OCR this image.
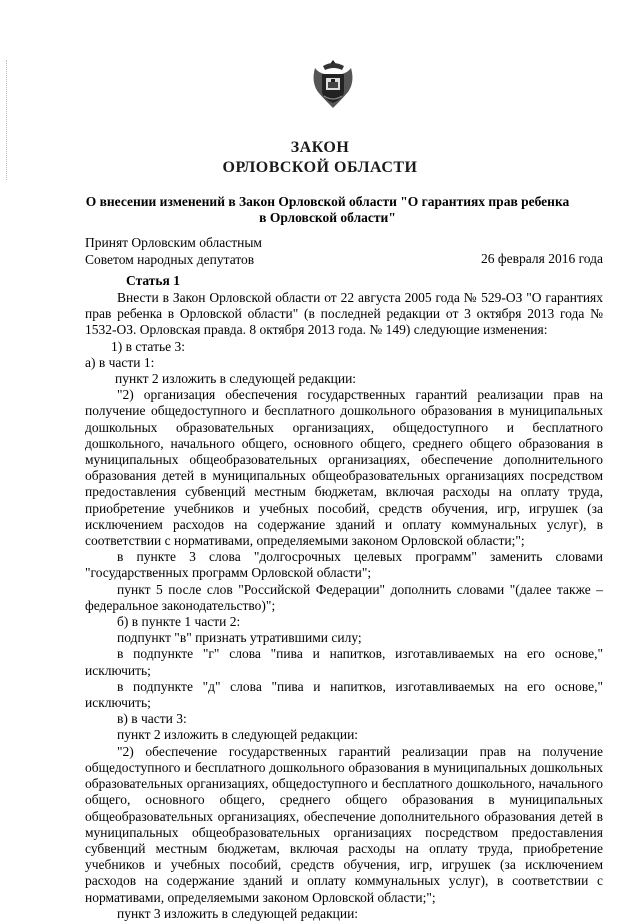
ЗАКОН
ОРЛОВСКОЙ ОБЛАСТИ
О внесении изменений в Закон Орловской области "О гарантиях прав ребенка
в Орловской области"
Принят Орловским областным
Советом народных депутатов	26 февраля 2016 года
Статья 1

Внести в Закон Орловской области от 22 августа 2005 года № 529-ОЗ "О гарантиях прав ребенка в Орловской области" (в последней редакции от 3 октября 2013 года № 1532-ОЗ. Орловская правда. 8 октября 2013 года. № 149) следующие изменения:

1) в статье 3:

а) в части 1:

пункт 2 изложить в следующей редакции:

"2) организация обеспечения государственных гарантий реализации прав на получение общедоступного и бесплатного дошкольного образования в муниципальных дошкольных образовательных организациях, общедоступного и бесплатного дошкольного, начального общего, основного общего, среднего общего образования в муниципальных общеобразовательных организациях, обеспечение дополнительного образования детей в муниципальных общеобразовательных организациях посредством предоставления субвенций местным бюджетам, включая расходы на оплату труда, приобретение учебников и учебных пособий, средств обучения, игр, игрушек (за исключением расходов на содержание зданий и оплату коммунальных услуг), в соответствии с нормативами, определяемыми законом Орловской области;";

в пункте 3 слова "долгосрочных целевых программ" заменить словами "государственных программ Орловской области";

пункт 5 после слов "Российской Федерации" дополнить словами "(далее также – федеральное законодательство)";

б) в пункте 1 части 2:

подпункт "в" признать утратившими силу;

в подпункте "г" слова "пива и напитков, изготавливаемых на его основе," исключить;

в подпункте "д" слова "пива и напитков, изготавливаемых на его основе," исключить;

в) в части 3:

пункт 2 изложить в следующей редакции:

"2) обеспечение государственных гарантий реализации прав на получение общедоступного и бесплатного дошкольного образования в муниципальных дошкольных образовательных организациях, общедоступного и бесплатного дошкольного, начального общего, основного общего, среднего общего образования в муниципальных общеобразовательных организациях, обеспечение дополнительного образования детей в муниципальных общеобразовательных организациях посредством предоставления субвенций местным бюджетам, включая расходы на оплату труда, приобретение учебников и учебных пособий, средств обучения, игр, игрушек (за исключением расходов на содержание зданий и оплату коммунальных услуг), в соответствии с нормативами, определяемыми законом Орловской области;";

пункт 3 изложить в следующей редакции:
